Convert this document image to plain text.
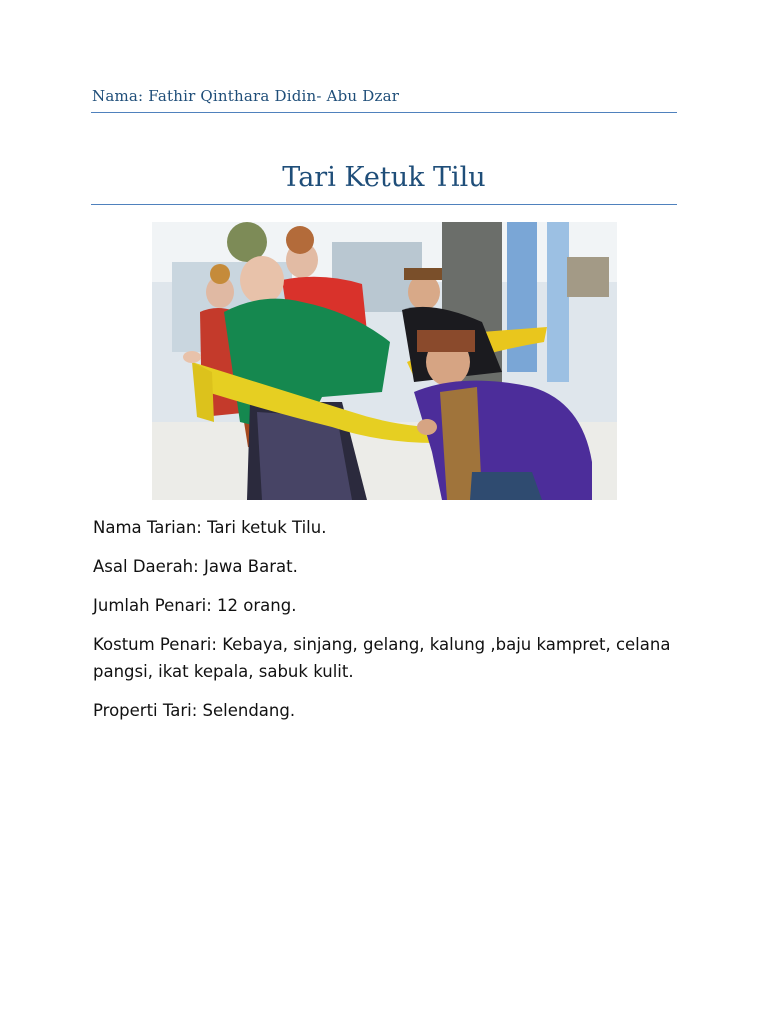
Nama: Fathir Qinthara Didin- Abu Dzar
Tari Ketuk Tilu

Nama Tarian: Tari ketuk Tilu.

Asal Daerah: Jawa Barat.

Jumlah Penari: 12 orang.

Kostum Penari: Kebaya, sinjang, gelang, kalung ,baju kampret, celana pangsi, ikat kepala, sabuk kulit.

Properti Tari: Selendang.
